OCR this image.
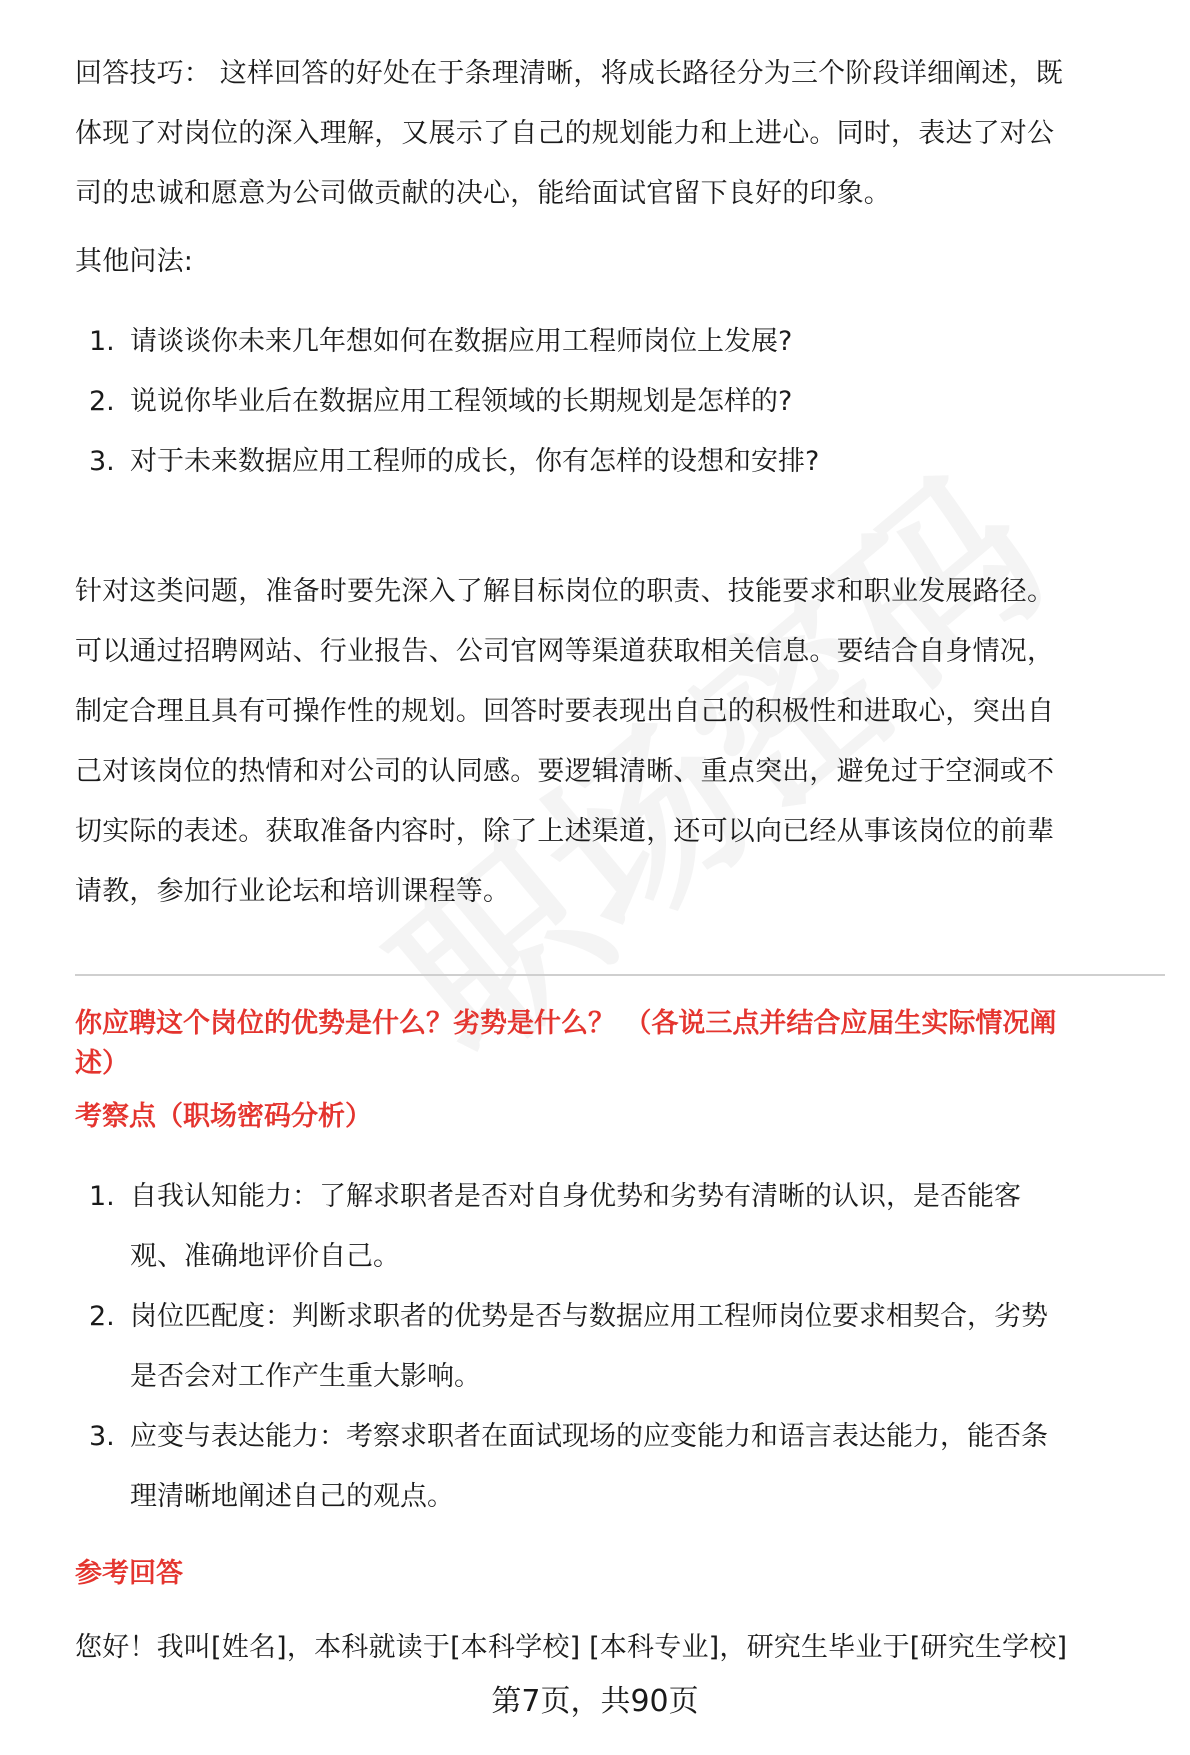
回答技巧： 这样回答的好处在于条理清晰，将成长路径分为三个阶段详细阐述，既

体现了对岗位的深入理解，又展示了自己的规划能力和上进心。同时，表达了对公

司的忠诚和愿意为公司做贡献的决心，能给面试官留下良好的印象。

其他问法:

1. 请谈谈你未来几年想如何在数据应用工程师岗位上发展?
2. 说说你毕业后在数据应用工程领域的长期规划是怎样的?
3. 对于未来数据应用工程师的成长，你有怎样的设想和安排?

针对这类问题，准备时要先深入了解目标岗位的职责、技能要求和职业发展路径。

可以通过招聘网站、行业报告、公司官网等渠道获取相关信息。要结合自身情况，

制定合理且具有可操作性的规划。回答时要表现出自己的积极性和进取心，突出自

己对该岗位的热情和对公司的认同感。要逻辑清晰、重点突出，避免过于空洞或不

切实际的表述。获取准备内容时，除了上述渠道，还可以向已经从事该岗位的前辈

请教，参加行业论坛和培训课程等。

你应聘这个岗位的优势是什么？劣势是什么？ （各说三点并结合应届生实际情况阐
述）
考察点（职场密码分析）
1. 自我认知能力：了解求职者是否对自身优势和劣势有清晰的认识，是否能客
观、准确地评价自己。
2. 岗位匹配度：判断求职者的优势是否与数据应用工程师岗位要求相契合，劣势
是否会对工作产生重大影响。
3. 应变与表达能力：考察求职者在面试现场的应变能力和语言表达能力，能否条
理清晰地阐述自己的观点。
参考回答

您好！我叫[姓名]，本科就读于[本科学校] [本科专业]，研究生毕业于[研究生学校]

第7页，共90页
